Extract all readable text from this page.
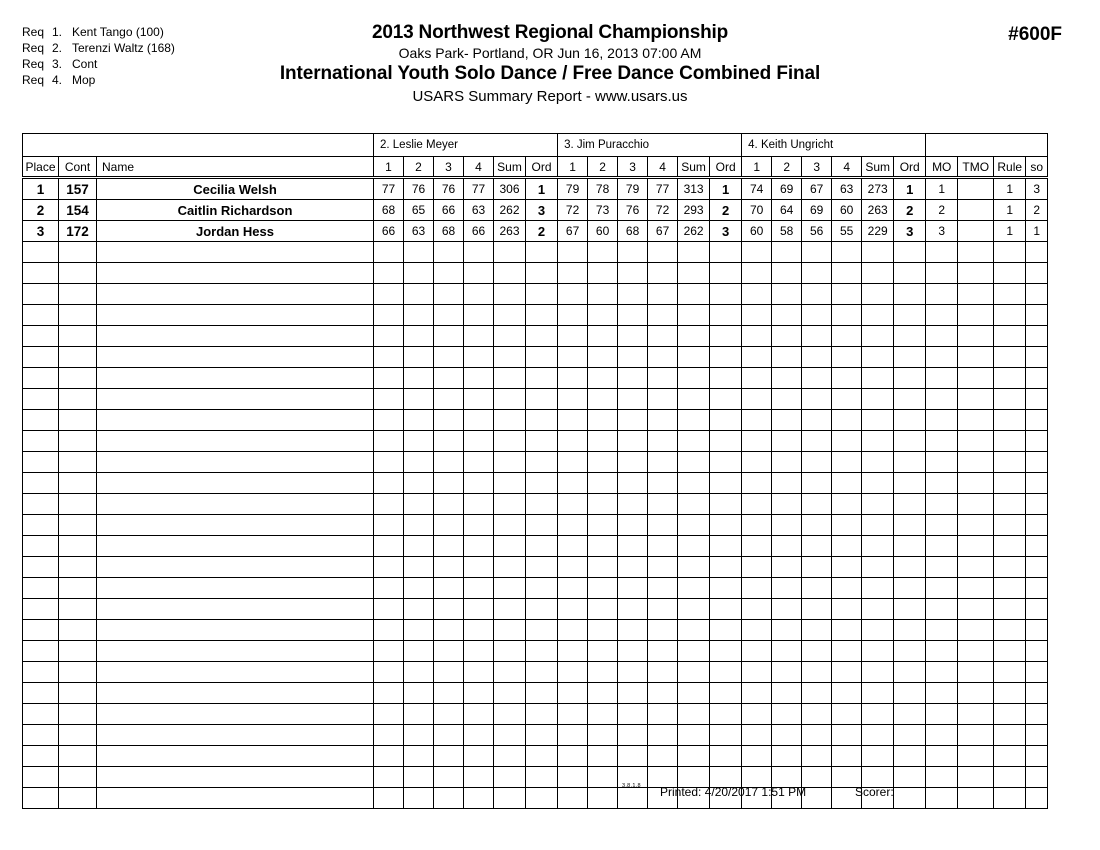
Req 1. Kent Tango (100)
Req 2. Terenzi Waltz (168)
Req 3. Cont
Req 4. Mop
2013 Northwest Regional Championship
Oaks Park- Portland, OR Jun 16, 2013 07:00 AM
International Youth Solo Dance / Free Dance Combined Final
USARS Summary Report - www.usars.us
#600F
			2. Leslie Meyer						3. Jim Puracchio						4. Keith Ungricht									
Place	Cont	Name	1	2	3	4	Sum	Ord	1	2	3	4	Sum	Ord	1	2	3	4	Sum	Ord	MO	TMO	Rule	so
1	157	Cecilia Welsh	77	76	76	77	306	1	79	78	79	77	313	1	74	69	67	63	273	1	1		1	3
2	154	Caitlin Richardson	68	65	66	63	262	3	72	73	76	72	293	2	70	64	69	60	263	2	2		1	2
3	172	Jordan Hess	66	63	68	66	263	2	67	60	68	67	262	3	60	58	56	55	229	3	3		1	1

3.8.1.8 Printed: 4/20/2017 1:51 PM	Scorer:
